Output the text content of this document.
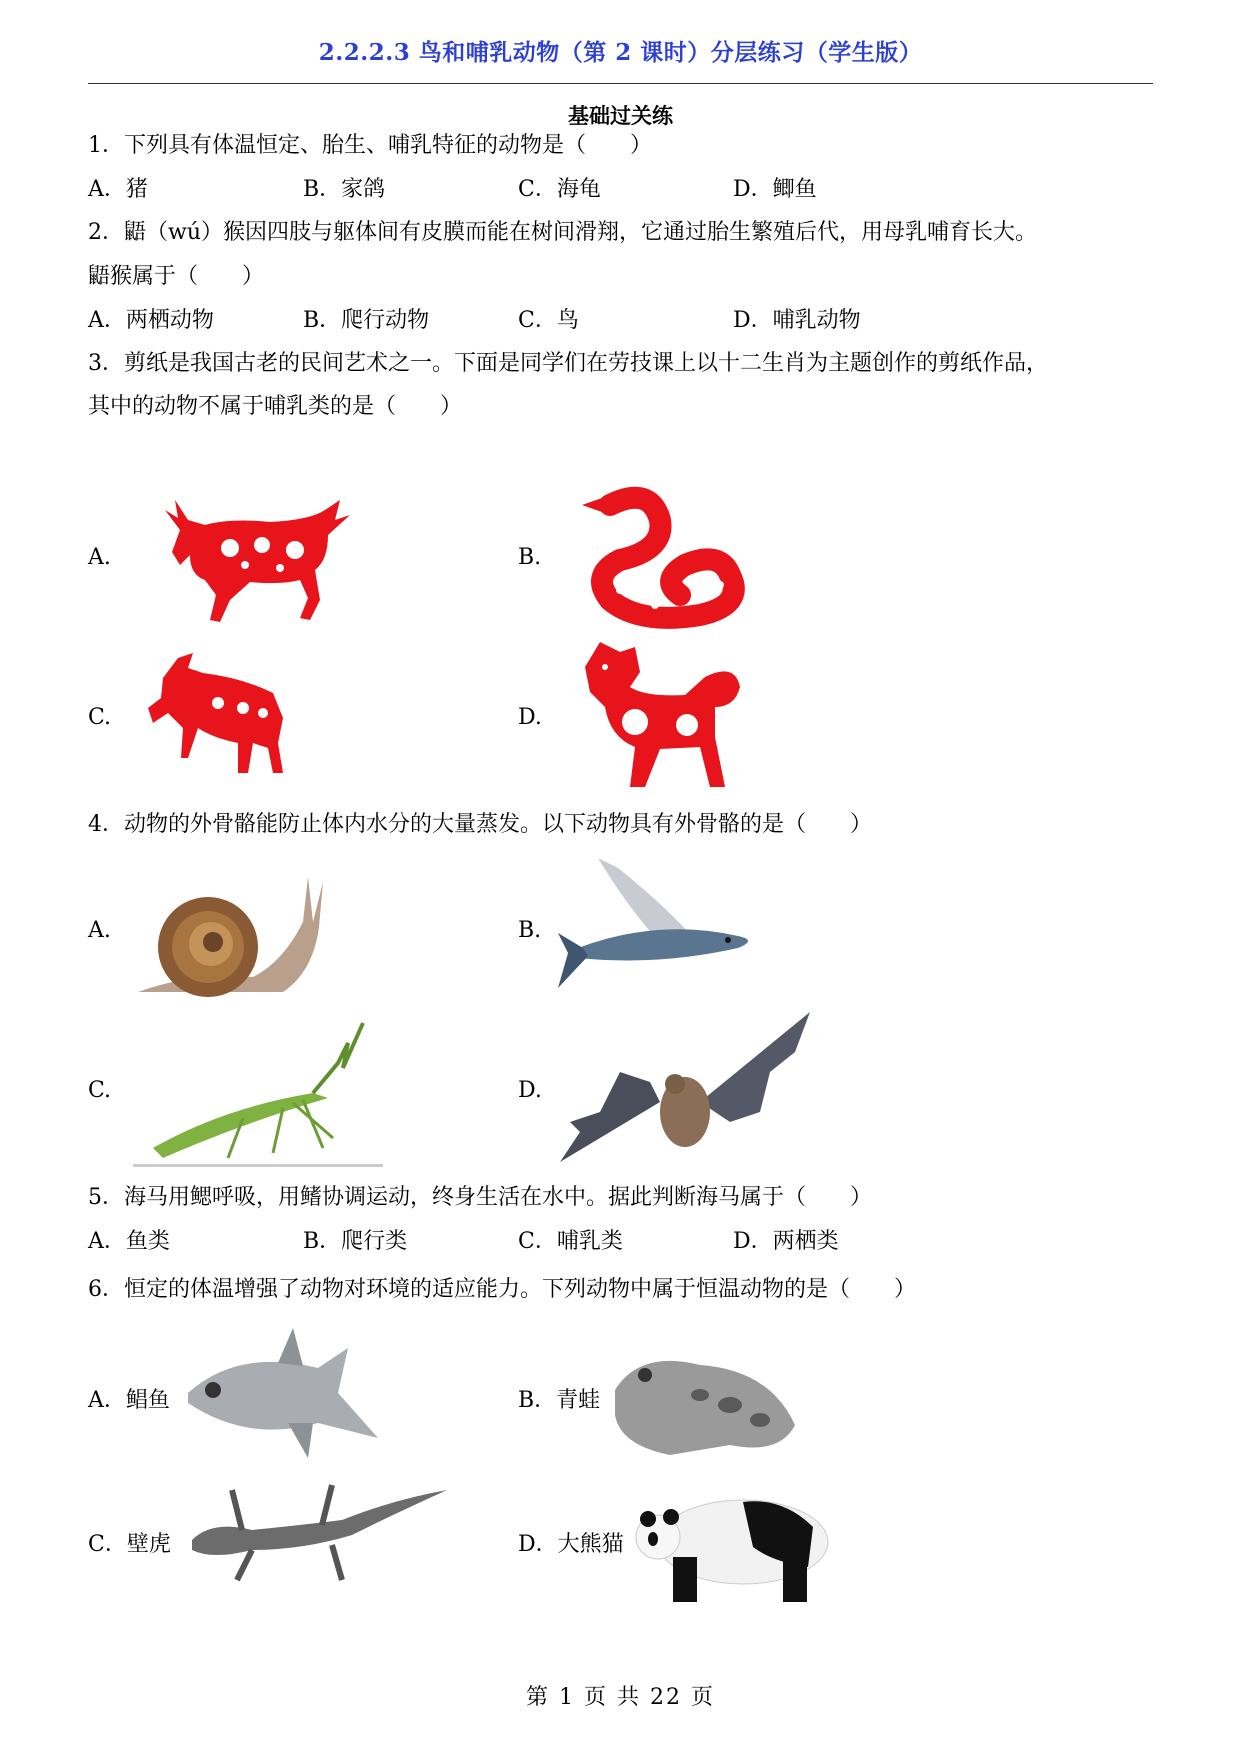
2.2.2.3 鸟和哺乳动物（第 2 课时）分层练习（学生版）
基础过关练
1．下列具有体温恒定、胎生、哺乳特征的动物是（　　）
A．猪	B．家鸽	C．海龟	D．鲫鱼
2．鼯（wú）猴因四肢与躯体间有皮膜而能在树间滑翔，它通过胎生繁殖后代，用母乳哺育长大。
鼯猴属于（　　）
A．两栖动物	B．爬行动物	C．鸟	D．哺乳动物
3．剪纸是我国古老的民间艺术之一。下面是同学们在劳技课上以十二生肖为主题创作的剪纸作品，
其中的动物不属于哺乳类的是（　　）
A.	B.
C.	D.
4．动物的外骨骼能防止体内水分的大量蒸发。以下动物具有外骨骼的是（　　）
A.	B.
C.	D.
5．海马用鳃呼吸，用鳍协调运动，终身生活在水中。据此判断海马属于（　　）
A．鱼类	B．爬行类	C．哺乳类	D．两栖类
6．恒定的体温增强了动物对环境的适应能力。下列动物中属于恒温动物的是（　　）
A．鲳鱼	B．青蛙
C．壁虎	D．大熊猫
第 1 页 共 22 页
